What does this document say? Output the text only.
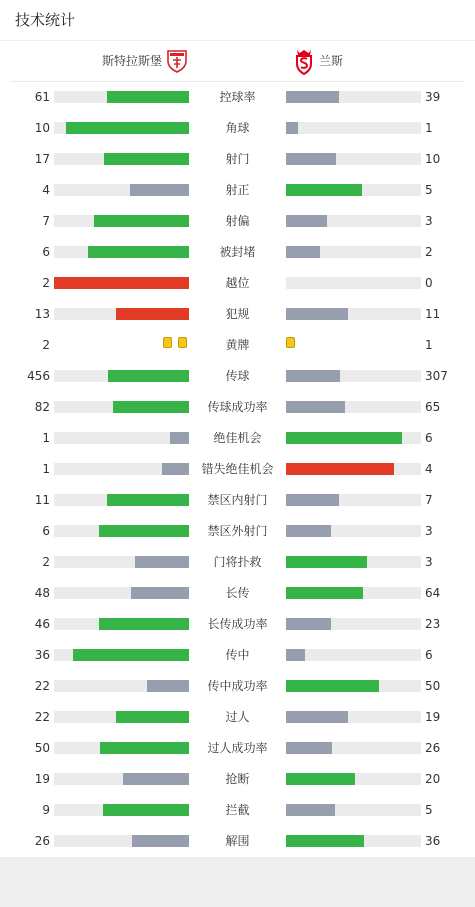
技术统计
斯特拉斯堡	兰斯
61	控球率	39
10	角球	1
17	射门	10
4	射正	5
7	射偏	3
6	被封堵	2
2	越位	0
13	犯规	11
2	黄牌	1
456	传球	307
82	传球成功率	65
1	绝佳机会	6
1	错失绝佳机会	4
11	禁区内射门	7
6	禁区外射门	3
2	门将扑救	3
48	长传	64
46	长传成功率	23
36	传中	6
22	传中成功率	50
22	过人	19
50	过人成功率	26
19	抢断	20
9	拦截	5
26	解围	36
